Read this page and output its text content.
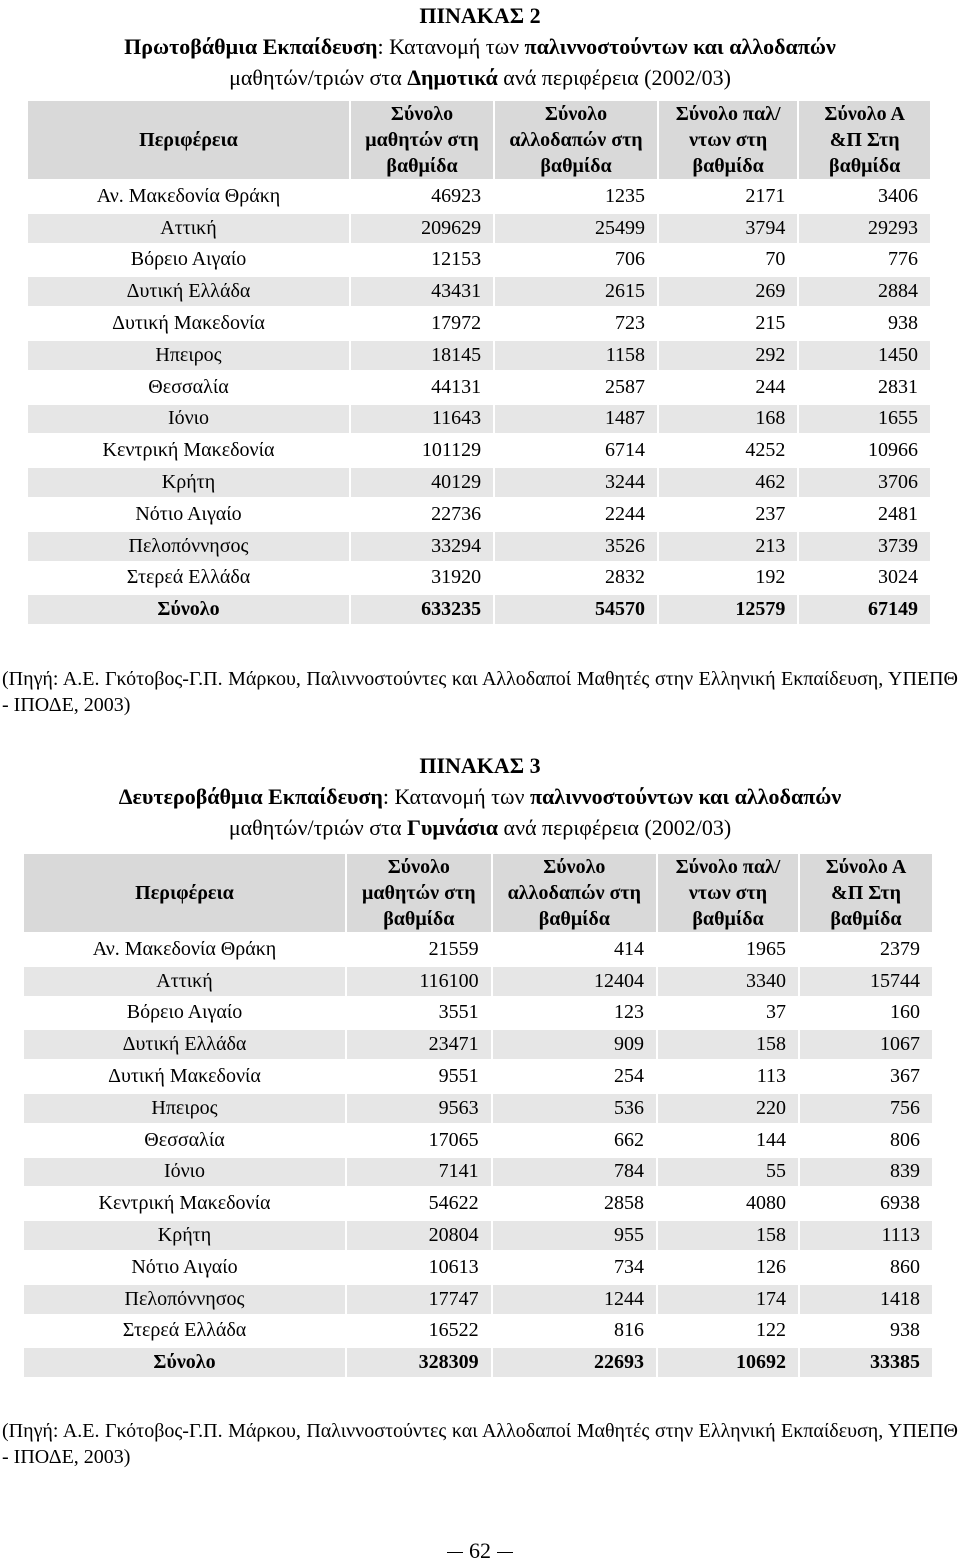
ΠΙΝΑΚΑΣ 2
Πρωτοβάθμια Εκπαίδευση: Κατανομή των παλιννοστούντων και αλλοδαπών
μαθητών/τριών στα Δημοτικά ανά περιφέρεια (2002/03)
Περιφέρεια	Σύνολο μαθητών στη βαθμίδα	Σύνολο αλλοδαπών στη βαθμίδα	Σύνολο παλ/ντων στη βαθμίδα	Σύνολο Α &Π Στη βαθμίδα
Αν. Μακεδονία Θράκη	46923	1235	2171	3406
Αττική	209629	25499	3794	29293
Βόρειο Αιγαίο	12153	706	70	776
Δυτική Ελλάδα	43431	2615	269	2884
Δυτική Μακεδονία	17972	723	215	938
Ηπειρος	18145	1158	292	1450
Θεσσαλία	44131	2587	244	2831
Ιόνιο	11643	1487	168	1655
Κεντρική Μακεδονία	101129	6714	4252	10966
Κρήτη	40129	3244	462	3706
Νότιο Αιγαίο	22736	2244	237	2481
Πελοπόννησος	33294	3526	213	3739
Στερεά Ελλάδα	31920	2832	192	3024
Σύνολο	633235	54570	12579	67149
(Πηγή: Α.Ε. Γκότοβος-Γ.Π. Μάρκου, Παλιννοστούντες και Αλλοδαποί Μαθητές στην Ελληνική Εκπαίδευση, ΥΠΕΠΘ - ΙΠΟΔΕ, 2003)
ΠΙΝΑΚΑΣ 3
Δευτεροβάθμια Εκπαίδευση: Κατανομή των παλιννοστούντων και αλλοδαπών
μαθητών/τριών στα Γυμνάσια ανά περιφέρεια (2002/03)
Περιφέρεια	Σύνολο μαθητών στη βαθμίδα	Σύνολο αλλοδαπών στη βαθμίδα	Σύνολο παλ/ντων στη βαθμίδα	Σύνολο Α &Π Στη βαθμίδα
Αν. Μακεδονία Θράκη	21559	414	1965	2379
Αττική	116100	12404	3340	15744
Βόρειο Αιγαίο	3551	123	37	160
Δυτική Ελλάδα	23471	909	158	1067
Δυτική Μακεδονία	9551	254	113	367
Ηπειρος	9563	536	220	756
Θεσσαλία	17065	662	144	806
Ιόνιο	7141	784	55	839
Κεντρική Μακεδονία	54622	2858	4080	6938
Κρήτη	20804	955	158	1113
Νότιο Αιγαίο	10613	734	126	860
Πελοπόννησος	17747	1244	174	1418
Στερεά Ελλάδα	16522	816	122	938
Σύνολο	328309	22693	10692	33385
(Πηγή: Α.Ε. Γκότοβος-Γ.Π. Μάρκου, Παλιννοστούντες και Αλλοδαποί Μαθητές στην Ελληνική Εκπαίδευση, ΥΠΕΠΘ - ΙΠΟΔΕ, 2003)
62
